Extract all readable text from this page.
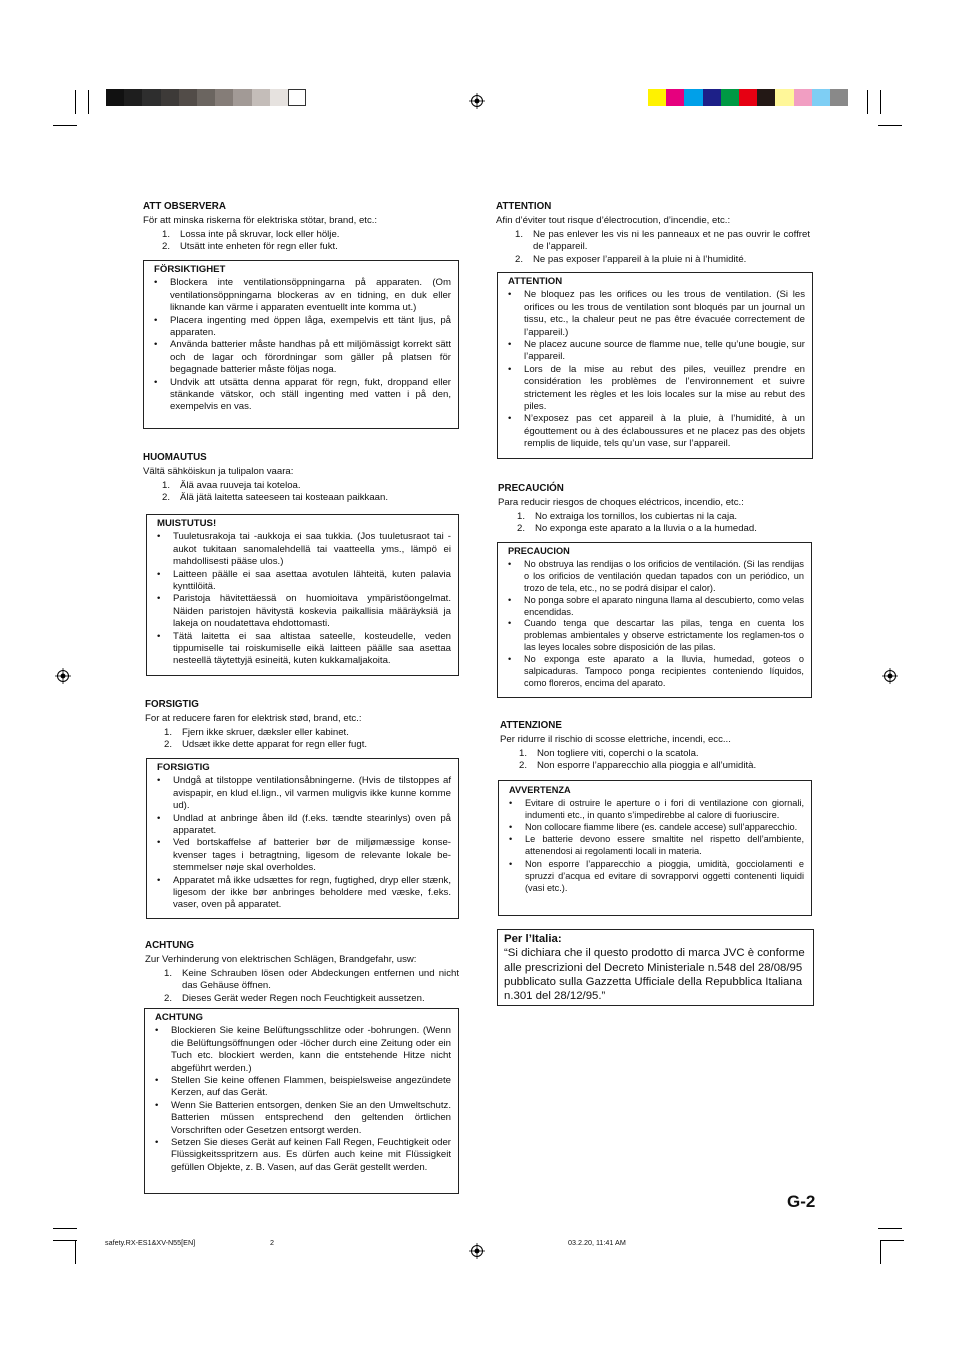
ATT OBSERVERA
För att minska riskerna för elektriska stötar, brand, etc.:
1. Lossa inte på skruvar, lock eller hölje.
2. Utsätt inte enheten för regn eller fukt.
FÖRSIKTIGHET
• Blockera inte ventilationsöppningarna på apparaten. (Om ventilationsöppningarna blockeras av en tidning, en duk eller liknande kan värme i apparaten eventuellt inte komma ut.)
• Placera ingenting med öppen låga, exempelvis ett tänt ljus, på apparaten.
• Använda batterier måste handhas på ett miljömässigt korrekt sätt och de lagar och förordningar som gäller på platsen för begagnade batterier måste följas noga.
• Undvik att utsätta denna apparat för regn, fukt, droppand eller stänkande vätskor, och ställ ingenting med vatten i på den, exempelvis en vas.
HUOMAUTUS
Vältä sähköiskun ja tulipalon vaara:
1. Älä avaa ruuveja tai koteloa.
2. Älä jätä laitetta sateeseen tai kosteaan paikkaan.
MUISTUTUS!
• Tuuletusrakoja tai -aukkoja ei saa tukkia. (Jos tuuletusraot tai -aukot tukitaan sanomalehdellä tai vaatteella yms., lämpö ei mahdollisesti pääse ulos.)
• Laitteen päälle ei saa asettaa avotulen lähteitä, kuten palavia kynttilöitä.
• Paristoja hävitettäessä on huomioitava ympäristöongelmat. Näiden paristojen hävitystä koskevia paikallisia määräyksiä ja lakeja on noudatettava ehdottomasti.
• Tätä laitetta ei saa altistaa sateelle, kosteudelle, veden tippumiselle tai roiskumiselle eikä laitteen päälle saa asettaa nesteellä täytettyjä esineitä, kuten kukkamaljakoita.
FORSIGTIG
For at reducere faren for elektrisk stød, brand, etc.:
1. Fjern ikke skruer, dæksler eller kabinet.
2. Udsæt ikke dette apparat for regn eller fugt.
FORSIGTIG
• Undgå at tilstoppe ventilationsåbningerne. (Hvis de tilstoppes af avispapir, en klud el.lign., vil varmen muligvis ikke kunne komme ud).
• Undlad at anbringe åben ild (f.eks. tændte stearinlys) oven på apparatet.
• Ved bortskaffelse af batterier bør de miljømæssige konse-kvenser tages i betragtning, ligesom de relevante lokale be-stemmelser nøje skal overholdes.
• Apparatet må ikke udsættes for regn, fugtighed, dryp eller stænk, ligesom der ikke bør anbringes beholdere med væske, f.eks. vaser, oven på apparatet.
ACHTUNG
Zur Verhinderung von elektrischen Schlägen, Brandgefahr, usw:
1. Keine Schrauben lösen oder Abdeckungen entfernen und nicht das Gehäuse öffnen.
2. Dieses Gerät weder Regen noch Feuchtigkeit aussetzen.
ACHTUNG
• Blockieren Sie keine Belüftungsschlitze oder -bohrungen. (Wenn die Belüftungsöffnungen oder -löcher durch eine Zeitung oder ein Tuch etc. blockiert werden, kann die entstehende Hitze nicht abgeführt werden.)
• Stellen Sie keine offenen Flammen, beispielsweise angezündete Kerzen, auf das Gerät.
• Wenn Sie Batterien entsorgen, denken Sie an den Umweltschutz. Batterien müssen entsprechend den geltenden örtlichen Vorschriften oder Gesetzen entsorgt werden.
• Setzen Sie dieses Gerät auf keinen Fall Regen, Feuchtigkeit oder Flüssigkeitsspritzern aus. Es dürfen auch keine mit Flüssigkeit gefüllen Objekte, z. B. Vasen, auf das Gerät gestellt werden.
ATTENTION
Afin d’éviter tout risque d’électrocution, d’incendie, etc.:
1. Ne pas enlever les vis ni les panneaux et ne pas ouvrir le coffret de l’appareil.
2. Ne pas exposer l’appareil à la pluie ni à l’humidité.
ATTENTION
• Ne bloquez pas les orifices ou les trous de ventilation. (Si les orifices ou les trous de ventilation sont bloqués par un journal un tissu, etc., la chaleur peut ne pas être évacuée correctement de l’appareil.)
• Ne placez aucune source de flamme nue, telle qu’une bougie, sur l’appareil.
• Lors de la mise au rebut des piles, veuillez prendre en considération les problèmes de l’environnement et suivre strictement les règles et les lois locales sur la mise au rebut des piles.
• N’exposez pas cet appareil à la pluie, à l’humidité, à un égouttement ou à des éclaboussures et ne placez pas des objets remplis de liquide, tels qu’un vase, sur l’appareil.
PRECAUCIÓN
Para reducir riesgos de choques eléctricos, incendio, etc.:
1. No extraiga los tornillos, los cubiertas ni la caja.
2. No exponga este aparato a la lluvia o a la humedad.
PRECAUCION
• No obstruya las rendijas o los orificios de ventilación. (Si las rendijas o los orificios de ventilación quedan tapados con un periódico, un trozo de tela, etc., no se podrá disipar el calor).
• No ponga sobre el aparato ninguna llama al descubierto, como velas encendidas.
• Cuando tenga que descartar las pilas, tenga en cuenta los problemas ambientales y observe estrictamente los reglamen-tos o las leyes locales sobre disposición de las pilas.
• No exponga este aparato a la lluvia, humedad, goteos o salpicaduras. Tampoco ponga recipientes conteniendo líquidos, como floreros, encima del aparato.
ATTENZIONE
Per ridurre il rischio di scosse elettriche, incendi, ecc...
1. Non togliere viti, coperchi o la scatola.
2. Non esporre l’apparecchio alla pioggia e all’umidità.
AVVERTENZA
• Evitare di ostruire le aperture o i fori di ventilazione con giornali, indumenti etc., in quanto s’impedirebbe al calore di fuoriuscire.
• Non collocare fiamme libere (es. candele accese) sull’apparecchio.
• Le batterie devono essere smaltite nel rispetto dell’ambiente, attenendosi ai regolamenti locali in materia.
• Non esporre l’apparecchio a pioggia, umidità, gocciolamenti e spruzzi d’acqua ed evitare di sovrapporvi oggetti contenenti liquidi (vasi etc.).
Per l’Italia:
“Si dichiara che il questo prodotto di marca JVC è conforme alle prescrizioni del Decreto Ministeriale n.548 del 28/08/95 pubblicato sulla Gazzetta Ufficiale della Repubblica Italiana n.301 del 28/12/95.”
G-2
safety.RX-ES1&XV-N55[EN]	2	03.2.20, 11:41 AM
